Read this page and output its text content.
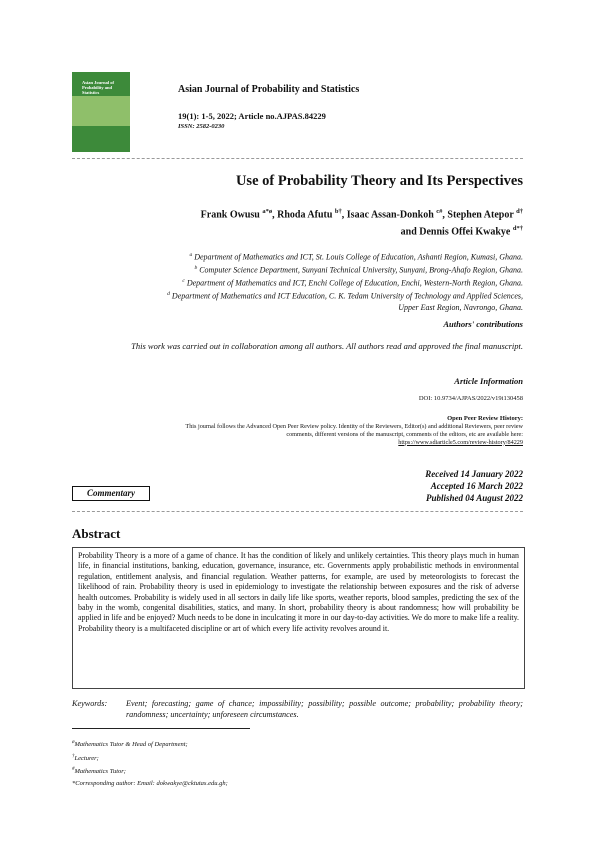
Asian Journal of Probability and Statistics	Asian Journal of Probability and Statistics
19(1): 1-5, 2022; Article no.AJPAS.84229
ISSN: 2582-0230
Use of Probability Theory and Its Perspectives
Frank Owusu $^{a*ø}$, Rhoda Afutu $^{b\dagger}$, Isaac Assan-Donkoh $^{c\#}$, Stephen Atepor $^{d\dagger}$
and Dennis Offei Kwakye $^{d*\dagger}$
$^a$ Department of Mathematics and ICT, St. Louis College of Education, Ashanti Region, Kumasi, Ghana.
$^b$ Computer Science Department, Sunyani Technical University, Sunyani, Brong-Ahafo Region, Ghana.
$^c$ Department of Mathematics and ICT, Enchi College of Education, Enchi, Western-North Region, Ghana.
$^d$ Department of Mathematics and ICT Education, C. K. Tedam University of Technology and Applied Sciences,
Upper East Region, Navrongo, Ghana.
Authors' contributions
This work was carried out in collaboration among all authors. All authors read and approved the final manuscript.
Article Information
DOI: 10.9734/AJPAS/2022/v19i130458
Open Peer Review History:
This journal follows the Advanced Open Peer Review policy. Identity of the Reviewers, Editor(s) and additional Reviewers, peer review
comments, different versions of the manuscript, comments of the editors, etc are available here:
https://www.sdiarticle5.com/review-history/84229
Received 14 January 2022
Accepted 16 March 2022
Published 04 August 2022
Commentary
Abstract
Probability Theory is a more of a game of chance. It has the condition of likely and unlikely certainties. This theory plays much in human life, in financial institutions, banking, education, governance, insurance, etc. Governments apply probabilistic methods in environmental regulation, entitlement analysis, and financial regulation. Weather patterns, for example, are used by meteorologists to forecast the likelihood of rain. Probability theory is used in epidemiology to investigate the relationship between exposures and the risk of adverse health outcomes. Probability is widely used in all sectors in daily life like sports, weather reports, blood samples, predicting the sex of the baby in the womb, congenital disabilities, statics, and many. In short, probability theory is about randomness; how will probability be applied in life and be enjoyed? Much needs to be done in inculcating it more in our day-to-day activities. We do more to make life a reality. Probability theory is a multifaceted discipline or art of which every life activity revolves around it.
Keywords: Event; forecasting; game of chance; impossibility; possibility; possible outcome; probability; probability theory; randomness; uncertainty; unforeseen circumstances.
$^ø$Mathematics Tutor & Head of Department;
†Lecturer;
#Mathematics Tutor;
*Corresponding author: Email: dokwakye@cktutas.edu.gh;
